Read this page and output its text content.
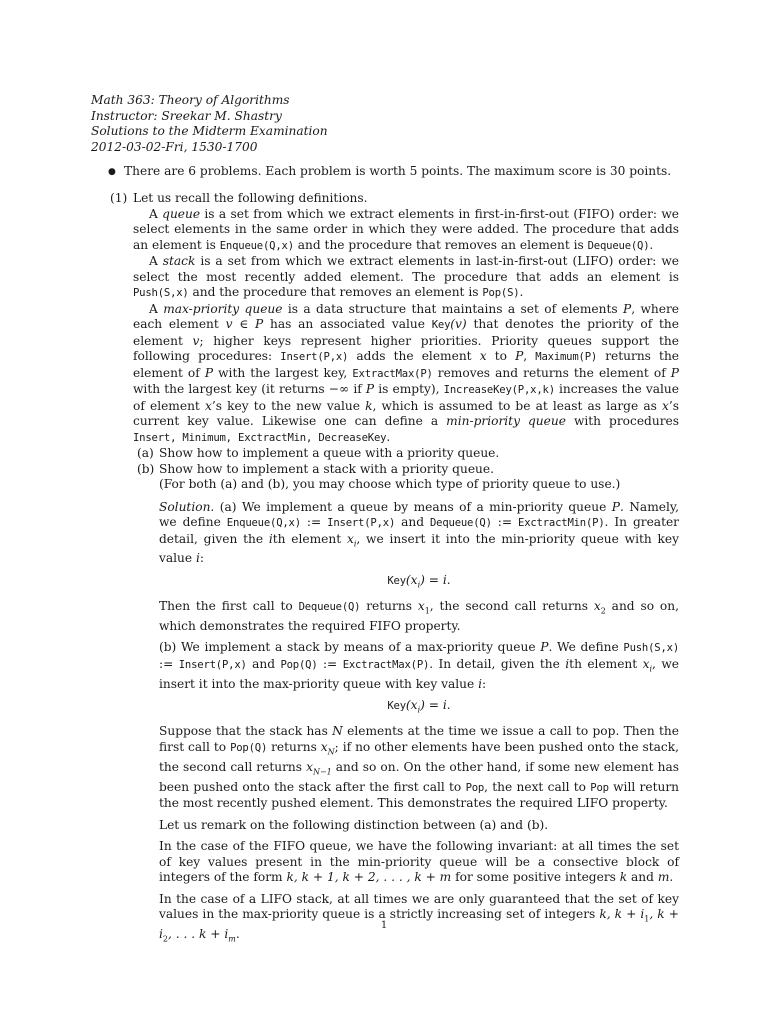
Math 363: Theory of Algorithms
Instructor: Sreekar M. Shastry
Solutions to the Midterm Examination
2012-03-02-Fri, 1530-1700
● There are 6 problems. Each problem is worth 5 points. The maximum score is 30 points.
(1) Let us recall the following definitions.

A queue is a set from which we extract elements in first-in-first-out (FIFO) order: we select elements in the same order in which they were added. The procedure that adds an element is Enqueue(Q,x) and the procedure that removes an element is Dequeue(Q).

A stack is a set from which we extract elements in last-in-first-out (LIFO) order: we select the most recently added element. The procedure that adds an element is Push(S,x) and the procedure that removes an element is Pop(S).

A max-priority queue is a data structure that maintains a set of elements P, where each element v ∈ P has an associated value Key(v) that denotes the priority of the element v; higher keys represent higher priorities. Priority queues support the following procedures: Insert(P,x) adds the element x to P, Maximum(P) returns the element of P with the largest key, ExtractMax(P) removes and returns the element of P with the largest key (it returns −∞ if P is empty), IncreaseKey(P,x,k) increases the value of element x’s key to the new value k, which is assumed to be at least as large as x’s current key value. Likewise one can define a min-priority queue with procedures Insert, Minimum, ExctractMin, DecreaseKey.

(a) Show how to implement a queue with a priority queue.
(b) Show how to implement a stack with a priority queue.
(For both (a) and (b), you may choose which type of priority queue to use.)

Solution. (a) We implement a queue by means of a min-priority queue P. Namely, we define Enqueue(Q,x) := Insert(P,x) and Dequeue(Q) := ExctractMin(P). In greater detail, given the ith element $x_i$, we insert it into the min-priority queue with key value i:

$Key(x_i) = i$.

Then the first call to Dequeue(Q) returns $x_1$, the second call returns $x_2$ and so on, which demonstrates the required FIFO property.

(b) We implement a stack by means of a max-priority queue P. We define Push(S,x) := Insert(P,x) and Pop(Q) := ExctractMax(P). In detail, given the ith element $x_i$, we insert it into the max-priority queue with key value i:

$Key(x_i) = i$.

Suppose that the stack has N elements at the time we issue a call to pop. Then the first call to Pop(Q) returns $x_N$; if no other elements have been pushed onto the stack, the second call returns $x_{N-1}$ and so on. On the other hand, if some new element has been pushed onto the stack after the first call to Pop, the next call to Pop will return the most recently pushed element. This demonstrates the required LIFO property.

Let us remark on the following distinction between (a) and (b).

In the case of the FIFO queue, we have the following invariant: at all times the set of key values present in the min-priority queue will be a consective block of integers of the form k, k + 1, k + 2, . . . , k + m for some positive integers k and m.

In the case of a LIFO stack, at all times we are only guaranteed that the set of key values in the max-priority queue is a strictly increasing set of integers k, $k + i_1$, $k + i_2$, . . . $k + i_m$.

1
